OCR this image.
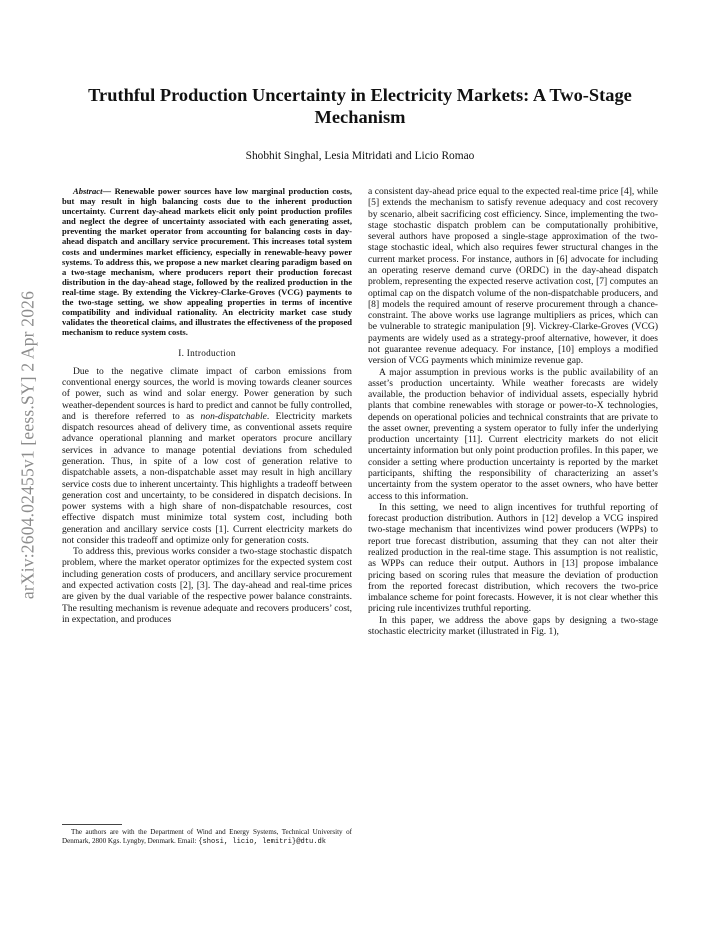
arXiv:2604.02455v1 [eess.SY] 2 Apr 2026
Truthful Production Uncertainty in Electricity Markets: A Two-Stage Mechanism
Shobhit Singhal, Lesia Mitridati and Licio Romao

Abstract— Renewable power sources have low marginal production costs, but may result in high balancing costs due to the inherent production uncertainty. Current day-ahead markets elicit only point production profiles and neglect the degree of uncertainty associated with each generating asset, preventing the market operator from accounting for balancing costs in day-ahead dispatch and ancillary service procurement. This increases total system costs and undermines market efficiency, especially in renewable-heavy power systems. To address this, we propose a new market clearing paradigm based on a two-stage mechanism, where producers report their production forecast distribution in the day-ahead stage, followed by the realized production in the real-time stage. By extending the Vickrey-Clarke-Groves (VCG) payments to the two-stage setting, we show appealing properties in terms of incentive compatibility and individual rationality. An electricity market case study validates the theoretical claims, and illustrates the effectiveness of the proposed mechanism to reduce system costs.

I. Introduction

Due to the negative climate impact of carbon emissions from conventional energy sources, the world is moving towards cleaner sources of power, such as wind and solar energy. Power generation by such weather-dependent sources is hard to predict and cannot be fully controlled, and is therefore referred to as non-dispatchable. Electricity markets dispatch resources ahead of delivery time, as conventional assets require advance operational planning and market operators procure ancillary services in advance to manage potential deviations from scheduled generation. Thus, in spite of a low cost of generation relative to dispatchable assets, a non-dispatchable asset may result in high ancillary service costs due to inherent uncertainty. This highlights a tradeoff between generation cost and uncertainty, to be considered in dispatch decisions. In power systems with a high share of non-dispatchable resources, cost effective dispatch must minimize total system cost, including both generation and ancillary service costs [1]. Current electricity markets do not consider this tradeoff and optimize only for generation costs.

To address this, previous works consider a two-stage stochastic dispatch problem, where the market operator optimizes for the expected system cost including generation costs of producers, and ancillary service procurement and expected activation costs [2], [3]. The day-ahead and real-time prices are given by the dual variable of the respective power balance constraints. The resulting mechanism is revenue adequate and recovers producers’ cost, in expectation, and produces

The authors are with the Department of Wind and Energy Systems, Technical University of Denmark, 2800 Kgs. Lyngby, Denmark. Email: {shosi, licio, lemitri}@dtu.dk

a consistent day-ahead price equal to the expected real-time price [4], while [5] extends the mechanism to satisfy revenue adequacy and cost recovery by scenario, albeit sacrificing cost efficiency. Since, implementing the two-stage stochastic dispatch problem can be computationally prohibitive, several authors have proposed a single-stage approximation of the two-stage stochastic ideal, which also requires fewer structural changes in the current market process. For instance, authors in [6] advocate for including an operating reserve demand curve (ORDC) in the day-ahead dispatch problem, representing the expected reserve activation cost, [7] computes an optimal cap on the dispatch volume of the non-dispatchable producers, and [8] models the required amount of reserve procurement through a chance-constraint. The above works use lagrange multipliers as prices, which can be vulnerable to strategic manipulation [9]. Vickrey-Clarke-Groves (VCG) payments are widely used as a strategy-proof alternative, however, it does not guarantee revenue adequacy. For instance, [10] employs a modified version of VCG payments which minimize revenue gap.

A major assumption in previous works is the public availability of an asset’s production uncertainty. While weather forecasts are widely available, the production behavior of individual assets, especially hybrid plants that combine renewables with storage or power-to-X technologies, depends on operational policies and technical constraints that are private to the asset owner, preventing a system operator to fully infer the underlying production uncertainty [11]. Current electricity markets do not elicit uncertainty information but only point production profiles. In this paper, we consider a setting where production uncertainty is reported by the market participants, shifting the responsibility of characterizing an asset’s uncertainty from the system operator to the asset owners, who have better access to this information.

In this setting, we need to align incentives for truthful reporting of forecast production distribution. Authors in [12] develop a VCG inspired two-stage mechanism that incentivizes wind power producers (WPPs) to report true forecast distribution, assuming that they can not alter their realized production in the real-time stage. This assumption is not realistic, as WPPs can reduce their output. Authors in [13] propose imbalance pricing based on scoring rules that measure the deviation of production from the reported forecast distribution, which recovers the two-price imbalance scheme for point forecasts. However, it is not clear whether this pricing rule incentivizes truthful reporting.

In this paper, we address the above gaps by designing a two-stage stochastic electricity market (illustrated in Fig. 1),
